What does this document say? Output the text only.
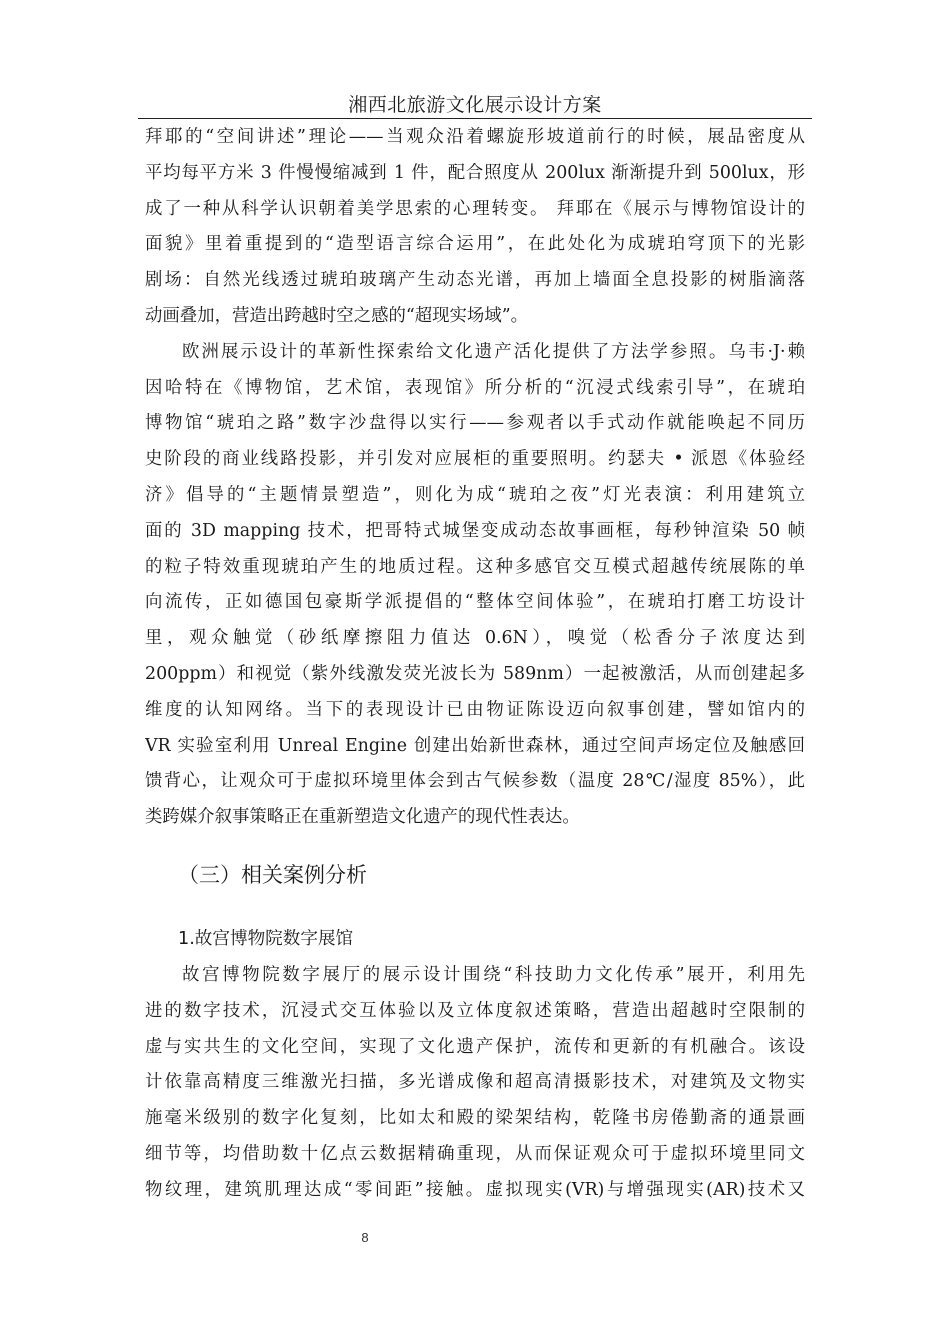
湘西北旅游文化展示设计方案
拜耶的“空间讲述”理论——当观众沿着螺旋形坡道前行的时候，展品密度从
平均每平方米 3 件慢慢缩减到 1 件，配合照度从 200lux 渐渐提升到 500lux，形
成了一种从科学认识朝着美学思索的心理转变。 拜耶在《展示与博物馆设计的
面貌》里着重提到的“造型语言综合运用”，在此处化为成琥珀穹顶下的光影
剧场：自然光线透过琥珀玻璃产生动态光谱，再加上墙面全息投影的树脂滴落
动画叠加，营造出跨越时空之感的“超现实场域”。
欧洲展示设计的革新性探索给文化遗产活化提供了方法学参照。乌韦·J·赖
因哈特在《博物馆，艺术馆，表现馆》所分析的“沉浸式线索引导”，在琥珀
博物馆“琥珀之路”数字沙盘得以实行——参观者以手式动作就能唤起不同历
史阶段的商业线路投影，并引发对应展柜的重要照明。约瑟夫 • 派恩《体验经
济》倡导的“主题情景塑造”，则化为成“琥珀之夜”灯光表演：利用建筑立
面的 3D mapping 技术，把哥特式城堡变成动态故事画框，每秒钟渲染 50 帧
的粒子特效重现琥珀产生的地质过程。这种多感官交互模式超越传统展陈的单
向流传，正如德国包豪斯学派提倡的“整体空间体验”，在琥珀打磨工坊设计
里，观众触觉（砂纸摩擦阻力值达 0.6N），嗅觉（松香分子浓度达到
200ppm）和视觉（紫外线激发荧光波长为 589nm）一起被激活，从而创建起多
维度的认知网络。当下的表现设计已由物证陈设迈向叙事创建，譬如馆内的
VR 实验室利用 Unreal Engine 创建出始新世森林，通过空间声场定位及触感回
馈背心，让观众可于虚拟环境里体会到古气候参数（温度 28℃/湿度 85%），此
类跨媒介叙事策略正在重新塑造文化遗产的现代性表达。
（三）相关案例分析
1.故宫博物院数字展馆
故宫博物院数字展厅的展示设计围绕“科技助力文化传承”展开，利用先
进的数字技术，沉浸式交互体验以及立体度叙述策略，营造出超越时空限制的
虚与实共生的文化空间，实现了文化遗产保护，流传和更新的有机融合。该设
计依靠高精度三维激光扫描，多光谱成像和超高清摄影技术，对建筑及文物实
施毫米级别的数字化复刻，比如太和殿的梁架结构，乾隆书房倦勤斋的通景画
细节等，均借助数十亿点云数据精确重现，从而保证观众可于虚拟环境里同文
物纹理，建筑肌理达成“零间距”接触。虚拟现实(VR)与增强现实(AR)技术又
8
